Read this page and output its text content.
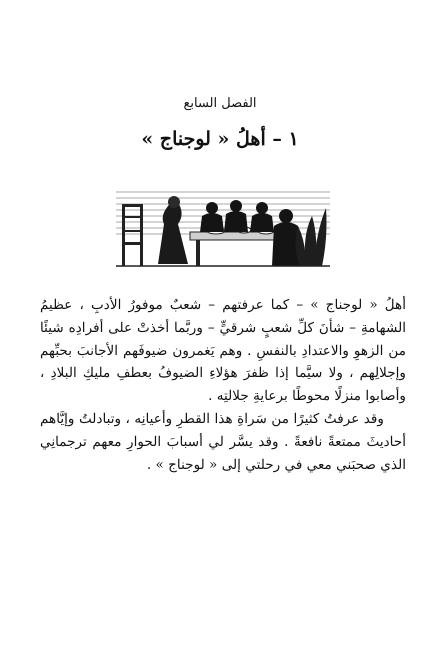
الفصل السابع
١ – أهلُ « لوجناج »

أهلُ « لوجناج » – كما عرفتهم – شعبٌ موفورُ الأدبِ ، عظيمُ الشهامةِ – شأنَ كلِّ شعبٍ شرقيٍّ – وربَّما أخذتْ على أفرادِه شيئًا من الزهوِ والاعتدادِ بالنفسِ . وهم يَغمرون ضيوفَهم الأجانبَ بحبِّهم وإجلالِهم ، ولا سيَّما إذا ظفرَ هؤلاءِ الضيوفُ بعطفِ مليكِ البلادِ ، وأصابوا منزلًا محوطًا برعايةِ جلالتِه .

وقد عرفتُ كثيرًا من سَراةِ هذا القطرِ وأعيانِه ، وتبادلتُ وإيَّاهم أحاديثَ ممتعةً نافعةً . وقد يسَّر لي أسبابَ الحوارِ معهم ترجمانِي الذي صحبَني معي في رحلتي إلى « لوجناج » .
